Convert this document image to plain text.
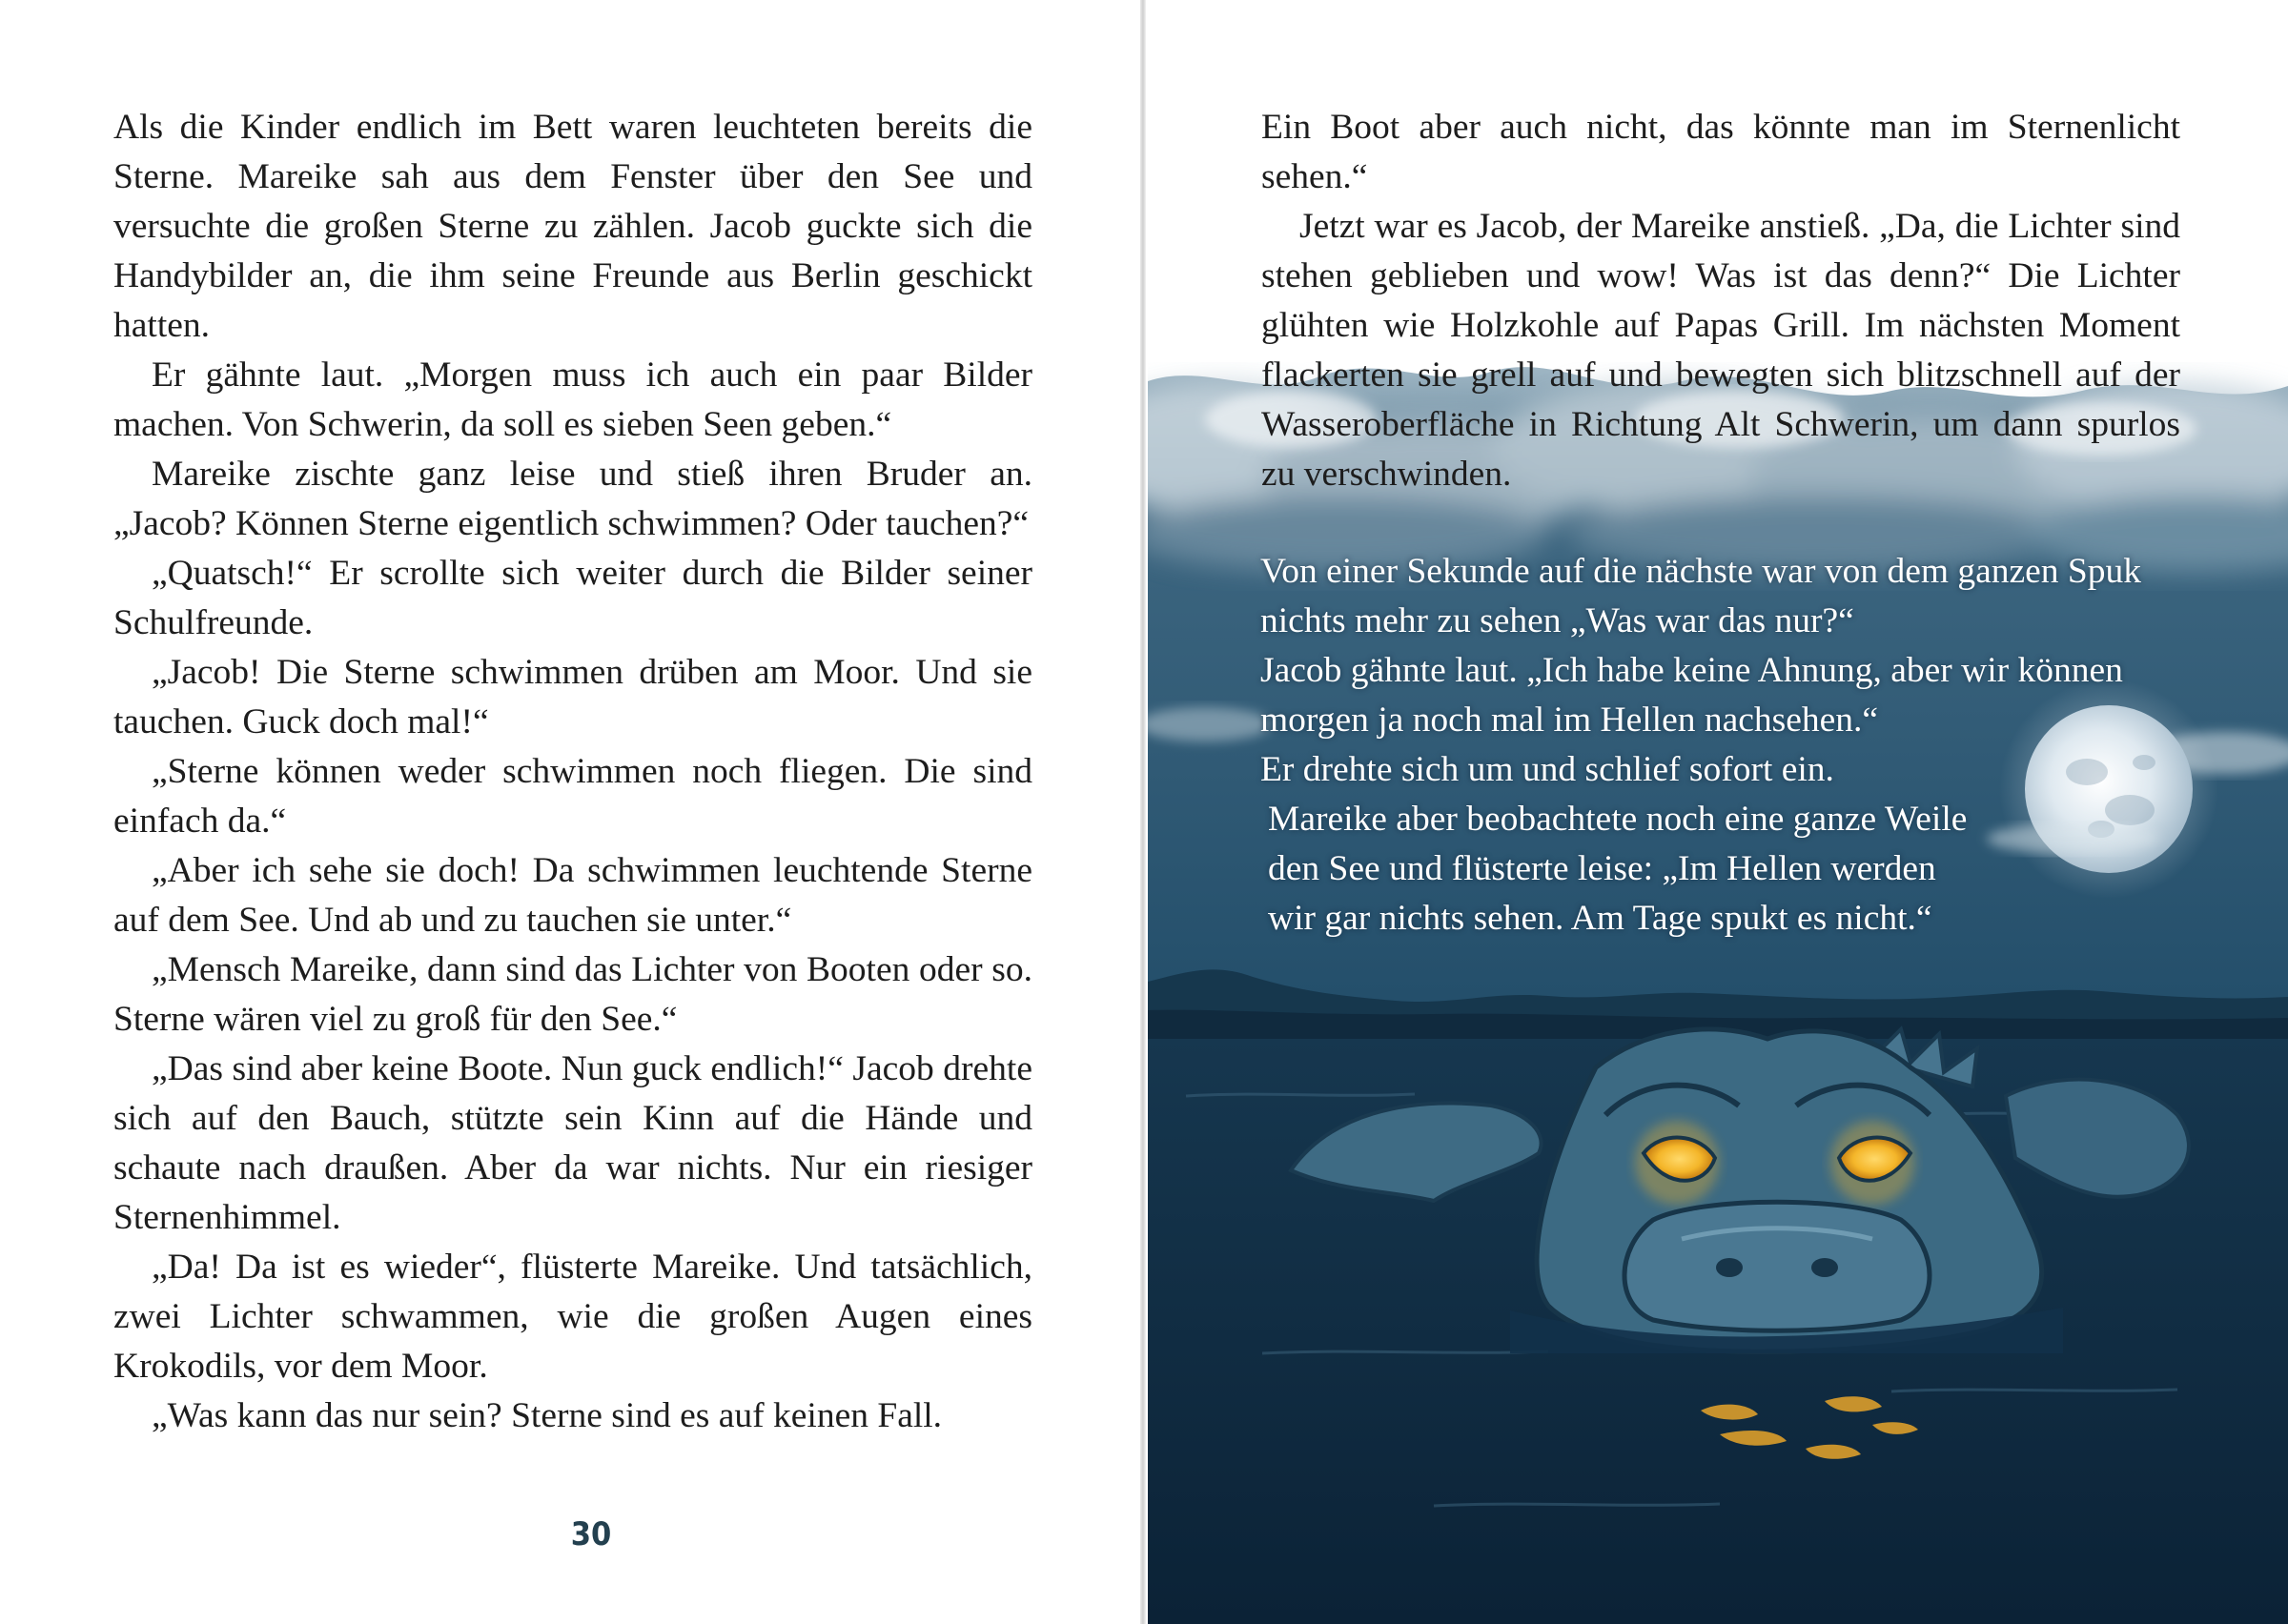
Als die Kinder endlich im Bett waren leuchteten bereits die Sterne. Mareike sah aus dem Fenster über den See und versuchte die großen Sterne zu zählen. Jacob guckte sich die Handybilder an, die ihm seine Freunde aus Berlin geschickt hatten.

Er gähnte laut. „Morgen muss ich auch ein paar Bilder machen. Von Schwerin, da soll es sieben Seen geben.“

Mareike zischte ganz leise und stieß ihren Bruder an. „Jacob? Können Sterne eigentlich schwimmen? Oder tauchen?“

„Quatsch!“ Er scrollte sich weiter durch die Bilder seiner Schulfreunde.

„Jacob! Die Sterne schwimmen drüben am Moor. Und sie tauchen. Guck doch mal!“

„Sterne können weder schwimmen noch fliegen. Die sind einfach da.“

„Aber ich sehe sie doch! Da schwimmen leuchtende Sterne auf dem See. Und ab und zu tauchen sie unter.“

„Mensch Mareike, dann sind das Lichter von Booten oder so. Sterne wären viel zu groß für den See.“

„Das sind aber keine Boote. Nun guck endlich!“ Jacob drehte sich auf den Bauch, stützte sein Kinn auf die Hände und schaute nach draußen. Aber da war nichts. Nur ein riesiger Sternenhimmel.

„Da! Da ist es wieder“, flüsterte Mareike. Und tatsächlich, zwei Lichter schwammen, wie die großen Augen eines Krokodils, vor dem Moor.

„Was kann das nur sein? Sterne sind es auf keinen Fall.

30

Ein Boot aber auch nicht, das könnte man im Sternenlicht sehen.“

Jetzt war es Jacob, der Mareike anstieß. „Da, die Lichter sind stehen geblieben und wow! Was ist das denn?“ Die Lichter glühten wie Holzkohle auf Papas Grill. Im nächsten Moment flackerten sie grell auf und bewegten sich blitzschnell auf der Wasseroberfläche in Richtung Alt Schwerin, um dann spurlos zu verschwinden.

Von einer Sekunde auf die nächste war von dem ganzen Spuk
nichts mehr zu sehen „Was war das nur?“
Jacob gähnte laut. „Ich habe keine Ahnung, aber wir können
morgen ja noch mal im Hellen nachsehen.“
Er drehte sich um und schlief sofort ein.
Mareike aber beobachtete noch eine ganze Weile
den See und flüsterte leise: „Im Hellen werden
wir gar nichts sehen. Am Tage spukt es nicht.“
